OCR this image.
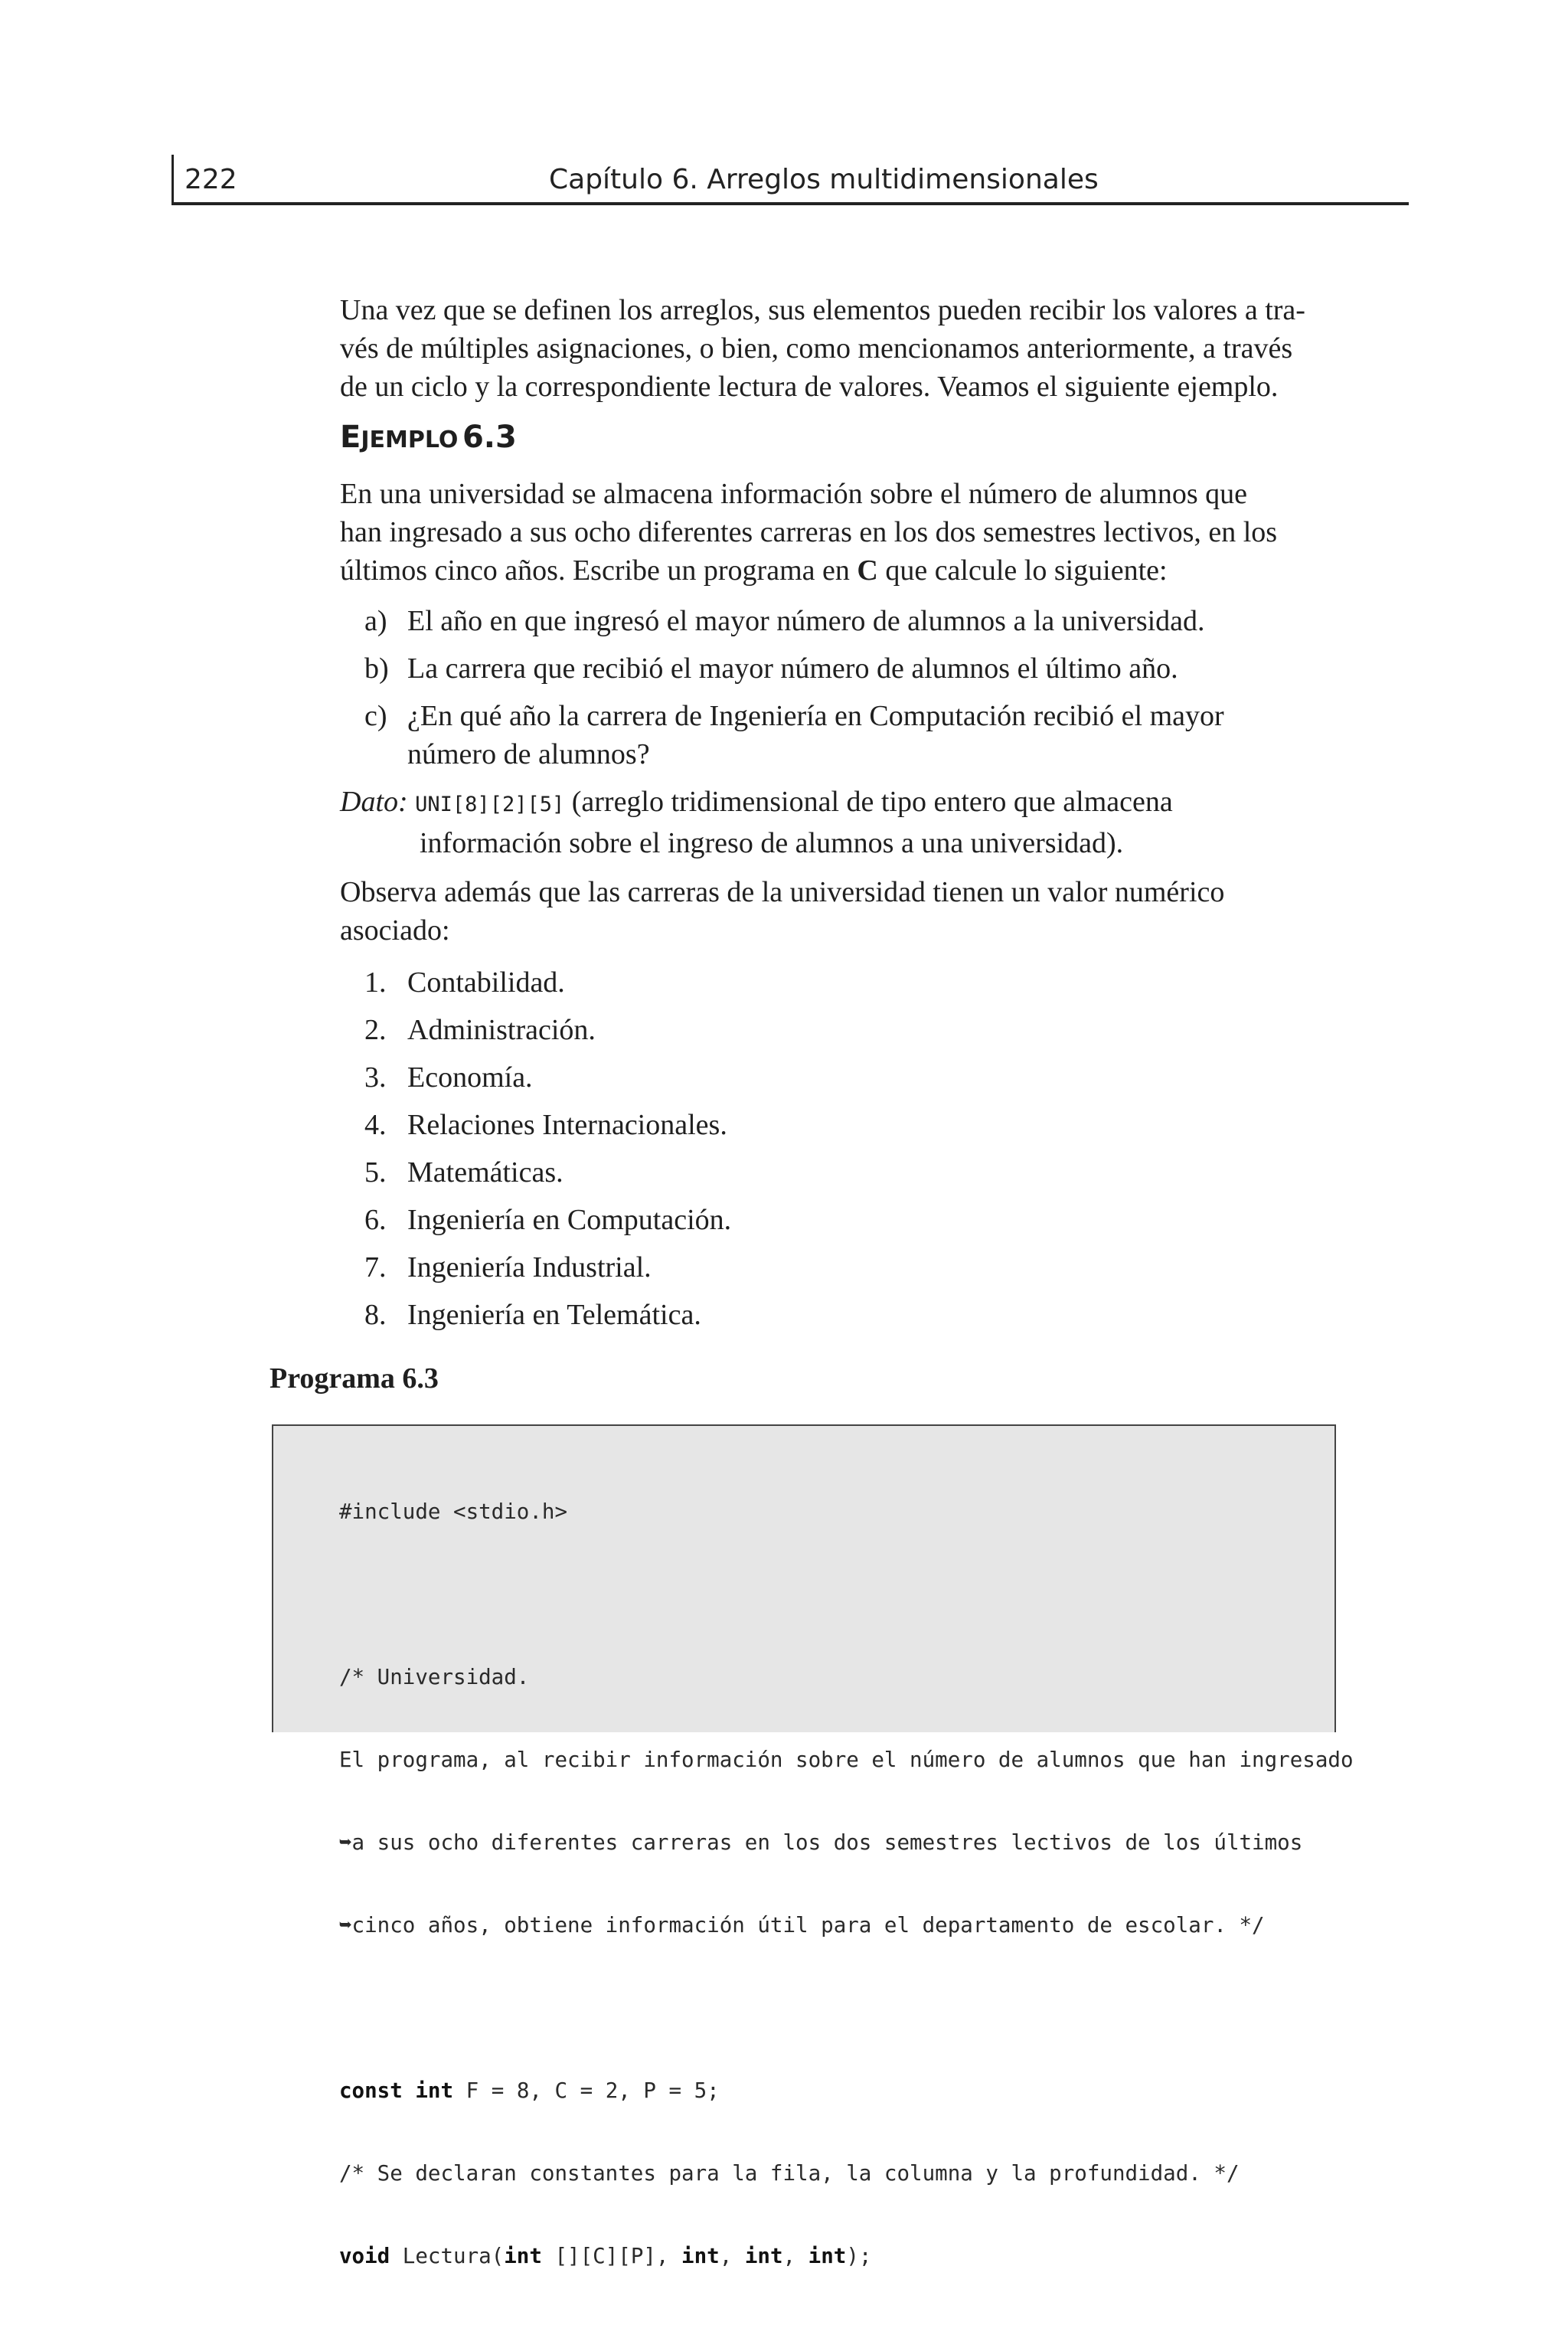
222	Capítulo 6. Arreglos multidimensionales
Una vez que se definen los arreglos, sus elementos pueden recibir los valores a tra-
vés de múltiples asignaciones, o bien, como mencionamos anteriormente, a través
de un ciclo y la correspondiente lectura de valores. Veamos el siguiente ejemplo.
EJEMPLO 6.3
En una universidad se almacena información sobre el número de alumnos que
han ingresado a sus ocho diferentes carreras en los dos semestres lectivos, en los
últimos cinco años. Escribe un programa en C que calcule lo siguiente:
a) El año en que ingresó el mayor número de alumnos a la universidad.
b) La carrera que recibió el mayor número de alumnos el último año.
c) ¿En qué año la carrera de Ingeniería en Computación recibió el mayor
número de alumnos?
Dato: UNI[8][2][5] (arreglo tridimensional de tipo entero que almacena
información sobre el ingreso de alumnos a una universidad).
Observa además que las carreras de la universidad tienen un valor numérico
asociado:
1. Contabilidad.
2. Administración.
3. Economía.
4. Relaciones Internacionales.
5. Matemáticas.
6. Ingeniería en Computación.
7. Ingeniería Industrial.
8. Ingeniería en Telemática.
Programa 6.3

#include <stdio.h>

/* Universidad.

El programa, al recibir información sobre el número de alumnos que han ingresado

➥a sus ocho diferentes carreras en los dos semestres lectivos de los últimos

➥cinco años, obtiene información útil para el departamento de escolar. */

const int F = 8, C = 2, P = 5;

/* Se declaran constantes para la fila, la columna y la profundidad. */

void Lectura(int [][C][P], int, int, int);
